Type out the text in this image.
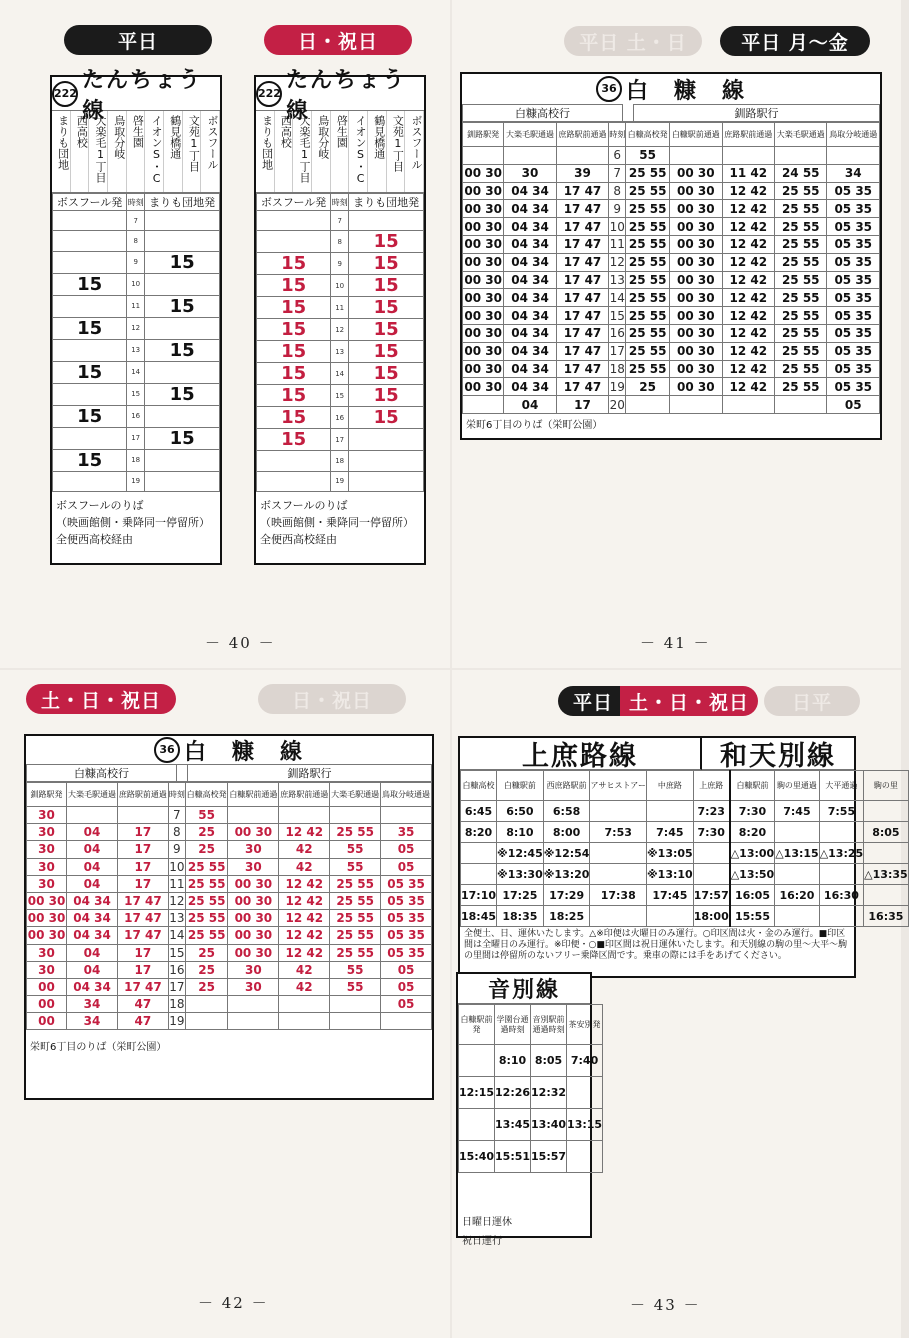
平日	日・祝日
222
たんちょう線
まりも団地 西高校 大楽毛1丁目 鳥取分岐 啓生園 イオンS・C 鶴見橋通 文苑1丁目 ボスフール
ボスフール発	時刻	まりも団地発
	7	
	8	
	9	15
15	10	
	11	15
15	12	
	13	15
15	14	
	15	15
15	16	
	17	15
15	18	
	19	
ボスフールのりば
（映画館側・乗降同一停留所）
全便西高校経由
222
たんちょう線
まりも団地 西高校 大楽毛1丁目 鳥取分岐 啓生園 イオンS・C 鶴見橋通 文苑1丁目 ボスフール
ボスフール発	時刻	まりも団地発
	7	
	8	15
15	9	15
15	10	15
15	11	15
15	12	15
15	13	15
15	14	15
15	15	15
15	16	15
15	17	
	18	
	19	
ボスフールのりば
（映画館側・乗降同一停留所）
全便西高校経由
－ 40 －
平日 土・日	平日 月～金
36 白　糠　線
白糠高校行		釧路駅行
釧路駅発	大楽毛駅通過	庶路駅前通過	時刻	白糠高校発	白糠駅前通過	庶路駅前通過	大楽毛駅通過	鳥取分岐通過
			6	55				
00 30	30	39	7	25 55	00 30	11 42	24 55	34
00 30	04 34	17 47	8	25 55	00 30	12 42	25 55	05 35
00 30	04 34	17 47	9	25 55	00 30	12 42	25 55	05 35
00 30	04 34	17 47	10	25 55	00 30	12 42	25 55	05 35
00 30	04 34	17 47	11	25 55	00 30	12 42	25 55	05 35
00 30	04 34	17 47	12	25 55	00 30	12 42	25 55	05 35
00 30	04 34	17 47	13	25 55	00 30	12 42	25 55	05 35
00 30	04 34	17 47	14	25 55	00 30	12 42	25 55	05 35
00 30	04 34	17 47	15	25 55	00 30	12 42	25 55	05 35
00 30	04 34	17 47	16	25 55	00 30	12 42	25 55	05 35
00 30	04 34	17 47	17	25 55	00 30	12 42	25 55	05 35
00 30	04 34	17 47	18	25 55	00 30	12 42	25 55	05 35
00 30	04 34	17 47	19	25	00 30	12 42	25 55	05 35
	04	17	20					05
栄町6丁目のりば（栄町公園）
－ 41 －
土・日・祝日	日・祝日
36 白　糠　線
白糠高校行		釧路駅行
釧路駅発	大楽毛駅通過	庶路駅前通過	時刻	白糠高校発	白糠駅前通過	庶路駅前通過	大楽毛駅通過	鳥取分岐通過
30			7	55				
30	04	17	8	25	00 30	12 42	25 55	35
30	04	17	9	25	30	42	55	05
30	04	17	10	25 55	30	42	55	05
30	04	17	11	25 55	00 30	12 42	25 55	05 35
00 30	04 34	17 47	12	25 55	00 30	12 42	25 55	05 35
00 30	04 34	17 47	13	25 55	00 30	12 42	25 55	05 35
00 30	04 34	17 47	14	25 55	00 30	12 42	25 55	05 35
30	04	17	15	25	00 30	12 42	25 55	05 35
30	04	17	16	25	30	42	55	05
00	04 34	17 47	17	25	30	42	55	05
00	34	47	18					05
00	34	47	19					
栄町6丁目のりば（栄町公園）
－ 42 －
平日 土・日・祝日 日平
上庶路線	和天別線
白糠高校	白糠駅前	西庶路駅前	アサヒストアー	中庶路	上庶路	白糠駅前	駒の里通過	大平通過	駒の里
6:45	6:50	6:58			7:23	7:30	7:45	7:55	
8:20	8:10	8:00	7:53	7:45	7:30	8:20			8:05
	※12:45	※12:54		※13:05		△13:00	△13:15	△13:25	
	※13:30	※13:20		※13:10		△13:50			△13:35
17:10	17:25	17:29	17:38	17:45	17:57	16:05	16:20	16:30	
18:45	18:35	18:25			18:00	15:55			16:35
全便土、日、運休いたします。△※印便は火曜日のみ運行。○印区間は火・金のみ運行。■印区間は全曜日のみ運行。※印便・○■印区間は祝日運休いたします。和天別線の駒の里～大平～駒の里間は停留所のないフリー乗降区間です。乗車の際には手をあげてください。
音別線
白糠駅前発	学園台通過時刻	音別駅前通過時刻	茶安別発
	8:10	8:05	7:40
12:15	12:26	12:32	
	13:45	13:40	13:15
15:40	15:51	15:57	
日曜日運休
祝日運行
－ 43 －
